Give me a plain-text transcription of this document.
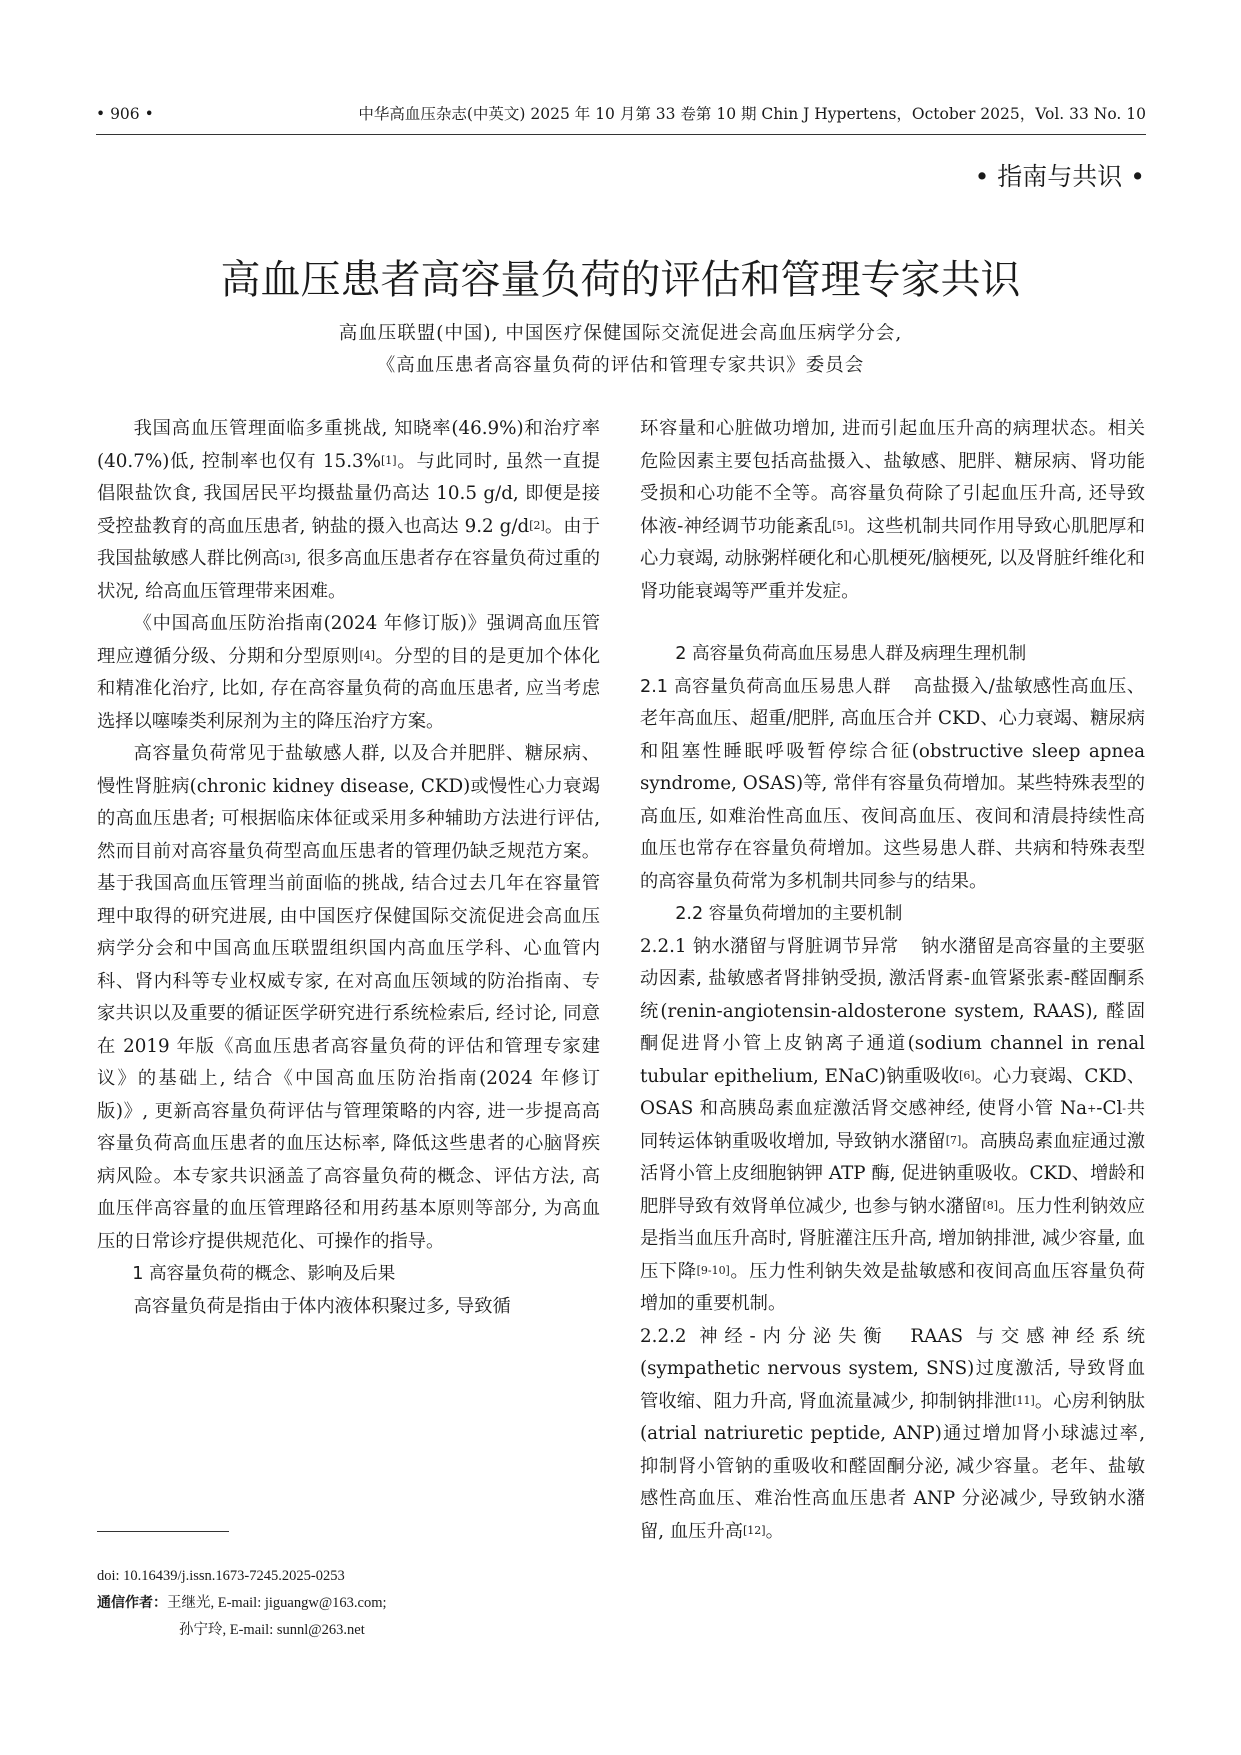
• 906 •	中华高血压杂志(中英文) 2025 年 10 月第 33 卷第 10 期 Chin J Hypertens，October 2025，Vol. 33 No. 10
• 指南与共识 •
高血压患者高容量负荷的评估和管理专家共识
高血压联盟(中国), 中国医疗保健国际交流促进会高血压病学分会,
《高血压患者高容量负荷的评估和管理专家共识》委员会

我国高血压管理面临多重挑战, 知晓率(46.9%)和治疗率(40.7%)低, 控制率也仅有 15.3%[1]。与此同时, 虽然一直提倡限盐饮食, 我国居民平均摄盐量仍高达 10.5 g/d, 即便是接受控盐教育的高血压患者, 钠盐的摄入也高达 9.2 g/d[2]。由于我国盐敏感人群比例高[3], 很多高血压患者存在容量负荷过重的状况, 给高血压管理带来困难。

《中国高血压防治指南(2024 年修订版)》强调高血压管理应遵循分级、分期和分型原则[4]。分型的目的是更加个体化和精准化治疗, 比如, 存在高容量负荷的高血压患者, 应当考虑选择以噻嗪类利尿剂为主的降压治疗方案。

高容量负荷常见于盐敏感人群, 以及合并肥胖、糖尿病、慢性肾脏病(chronic kidney disease, CKD)或慢性心力衰竭的高血压患者; 可根据临床体征或采用多种辅助方法进行评估, 然而目前对高容量负荷型高血压患者的管理仍缺乏规范方案。基于我国高血压管理当前面临的挑战, 结合过去几年在容量管理中取得的研究进展, 由中国医疗保健国际交流促进会高血压病学分会和中国高血压联盟组织国内高血压学科、心血管内科、肾内科等专业权威专家, 在对高血压领域的防治指南、专家共识以及重要的循证医学研究进行系统检索后, 经讨论, 同意在 2019 年版《高血压患者高容量负荷的评估和管理专家建议》的基础上, 结合《中国高血压防治指南(2024 年修订版)》, 更新高容量负荷评估与管理策略的内容, 进一步提高高容量负荷高血压患者的血压达标率, 降低这些患者的心脑肾疾病风险。本专家共识涵盖了高容量负荷的概念、评估方法, 高血压伴高容量的血压管理路径和用药基本原则等部分, 为高血压的日常诊疗提供规范化、可操作的指导。

1 高容量负荷的概念、影响及后果

高容量负荷是指由于体内液体积聚过多, 导致循

环容量和心脏做功增加, 进而引起血压升高的病理状态。相关危险因素主要包括高盐摄入、盐敏感、肥胖、糖尿病、肾功能受损和心功能不全等。高容量负荷除了引起血压升高, 还导致体液-神经调节功能紊乱[5]。这些机制共同作用导致心肌肥厚和心力衰竭, 动脉粥样硬化和心肌梗死/脑梗死, 以及肾脏纤维化和肾功能衰竭等严重并发症。

2 高容量负荷高血压易患人群及病理生理机制

2.1 高容量负荷高血压易患人群 高盐摄入/盐敏感性高血压、老年高血压、超重/肥胖, 高血压合并 CKD、心力衰竭、糖尿病和阻塞性睡眠呼吸暂停综合征(obstructive sleep apnea syndrome, OSAS)等, 常伴有容量负荷增加。某些特殊表型的高血压, 如难治性高血压、夜间高血压、夜间和清晨持续性高血压也常存在容量负荷增加。这些易患人群、共病和特殊表型的高容量负荷常为多机制共同参与的结果。

2.2 容量负荷增加的主要机制

2.2.1 钠水潴留与肾脏调节异常 钠水潴留是高容量的主要驱动因素, 盐敏感者肾排钠受损, 激活肾素-血管紧张素-醛固酮系统(renin-angiotensin-aldosterone system, RAAS), 醛固酮促进肾小管上皮钠离子通道(sodium channel in renal tubular epithelium, ENaC)钠重吸收[6]。心力衰竭、CKD、OSAS 和高胰岛素血症激活肾交感神经, 使肾小管 Na+-Cl-共同转运体钠重吸收增加, 导致钠水潴留[7]。高胰岛素血症通过激活肾小管上皮细胞钠钾 ATP 酶, 促进钠重吸收。CKD、增龄和肥胖导致有效肾单位减少, 也参与钠水潴留[8]。压力性利钠效应是指当血压升高时, 肾脏灌注压升高, 增加钠排泄, 减少容量, 血压下降[9-10]。压力性利钠失效是盐敏感和夜间高血压容量负荷增加的重要机制。

2.2.2 神经-内分泌失衡 RAAS 与交感神经系统(sympathetic nervous system, SNS)过度激活, 导致肾血管收缩、阻力升高, 肾血流量减少, 抑制钠排泄[11]。心房利钠肽(atrial natriuretic peptide, ANP)通过增加肾小球滤过率, 抑制肾小管钠的重吸收和醛固酮分泌, 减少容量。老年、盐敏感性高血压、难治性高血压患者 ANP 分泌减少, 导致钠水潴留, 血压升高[12]。

doi: 10.16439/j.issn.1673-7245.2025-0253
通信作者：王继光, E-mail: jiguangw@163.com;
孙宁玲, E-mail: sunnl@263.net
